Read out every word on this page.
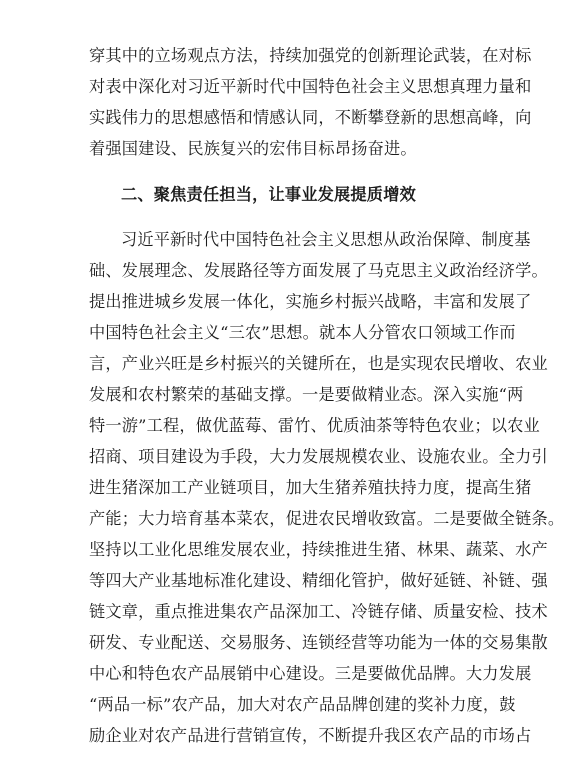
穿其中的立场观点方法，持续加强党的创新理论武装，在对标
对表中深化对习近平新时代中国特色社会主义思想真理力量和
实践伟力的思想感悟和情感认同，不断攀登新的思想高峰，向
着强国建设、民族复兴的宏伟目标昂扬奋进。
二、聚焦责任担当，让事业发展提质增效
习近平新时代中国特色社会主义思想从政治保障、制度基
础、发展理念、发展路径等方面发展了马克思主义政治经济学。
提出推进城乡发展一体化，实施乡村振兴战略，丰富和发展了
中国特色社会主义“三农”思想。就本人分管农口领域工作而
言，产业兴旺是乡村振兴的关键所在，也是实现农民增收、农业
发展和农村繁荣的基础支撑。一是要做精业态。深入实施“两
特一游”工程，做优蓝莓、雷竹、优质油茶等特色农业；以农业
招商、项目建设为手段，大力发展规模农业、设施农业。全力引
进生猪深加工产业链项目，加大生猪养殖扶持力度，提高生猪
产能；大力培育基本菜农，促进农民增收致富。二是要做全链条。
坚持以工业化思维发展农业，持续推进生猪、林果、蔬菜、水产
等四大产业基地标准化建设、精细化管护，做好延链、补链、强
链文章，重点推进集农产品深加工、冷链存储、质量安检、技术
研发、专业配送、交易服务、连锁经营等功能为一体的交易集散
中心和特色农产品展销中心建设。三是要做优品牌。大力发展
“两品一标”农产品，加大对农产品品牌创建的奖补力度，鼓
励企业对农产品进行营销宣传，不断提升我区农产品的市场占
